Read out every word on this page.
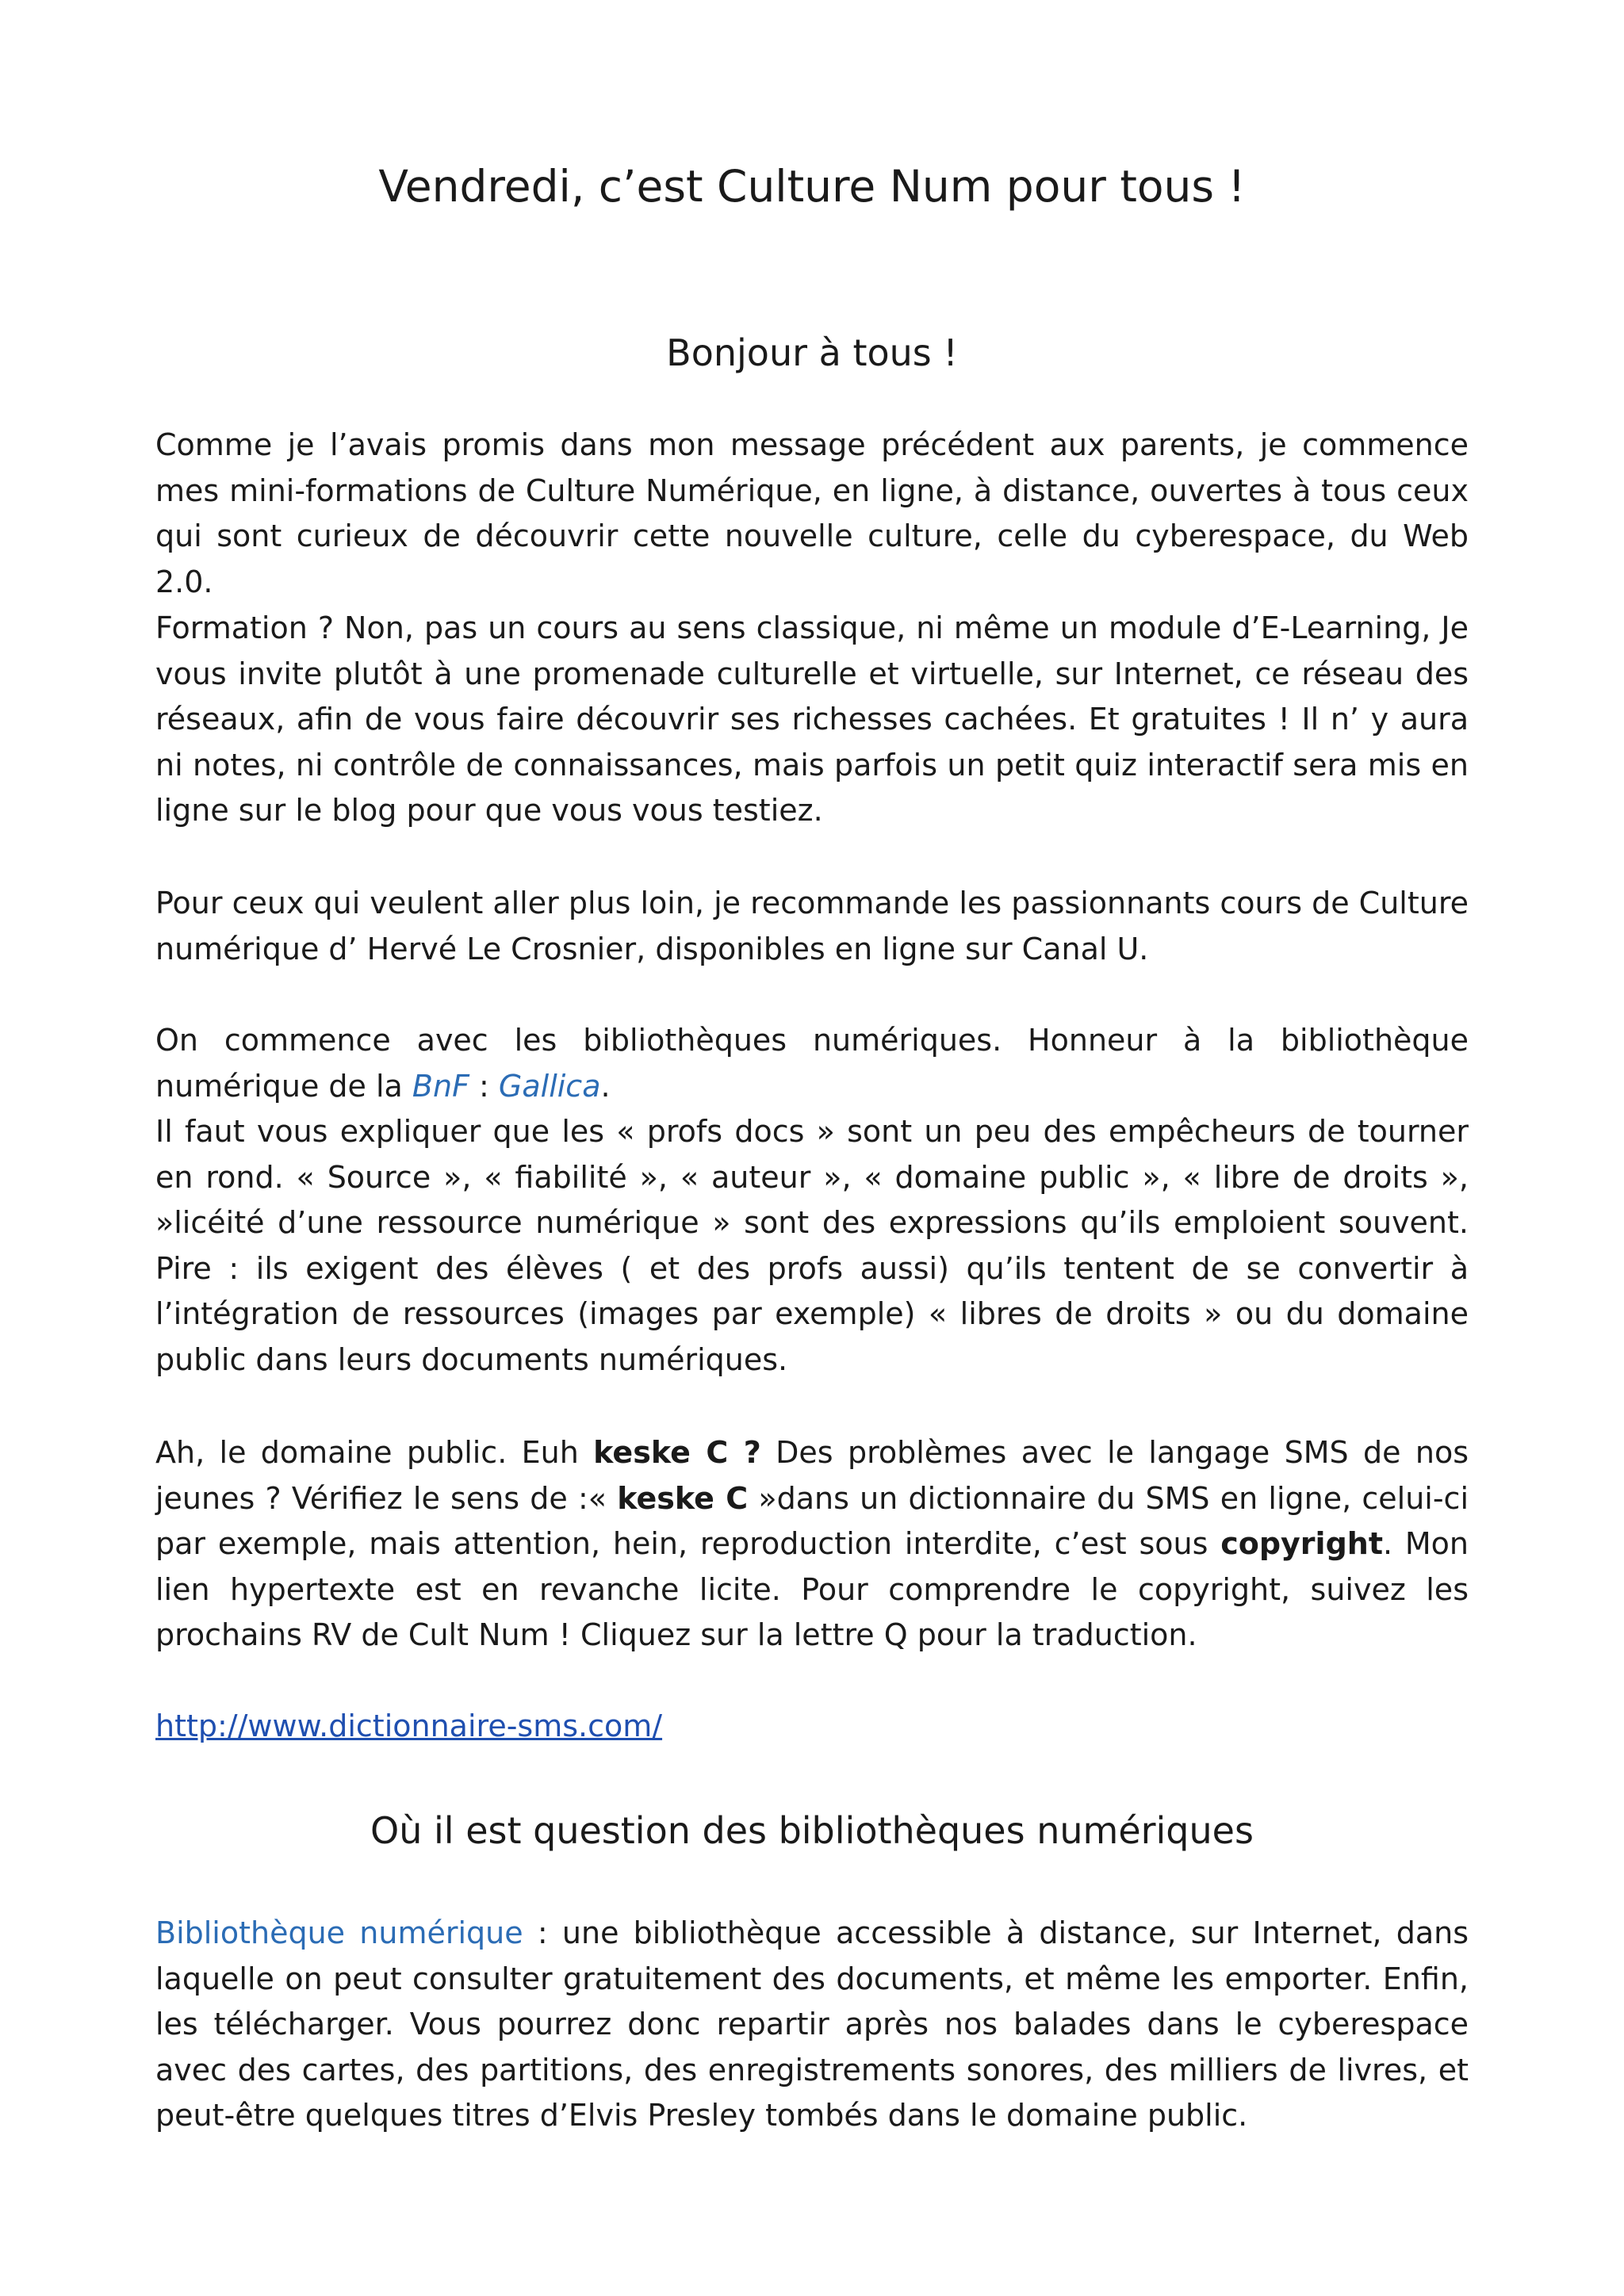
Vendredi, c’est Culture Num pour tous !
Bonjour à tous !

Comme je l’avais promis dans mon message précédent aux parents, je commence mes mini-formations de Culture Numérique, en ligne, à distance, ouvertes à tous ceux qui sont curieux de découvrir cette nouvelle culture, celle du cyberespace, du Web 2.0.

Formation ? Non, pas un cours au sens classique, ni même un module d’E-Learning, Je vous invite plutôt à une promenade culturelle et virtuelle, sur Internet, ce réseau des réseaux, afin de vous faire découvrir ses richesses cachées. Et gratuites ! Il n’ y aura ni notes, ni contrôle de connaissances, mais parfois un petit quiz interactif sera mis en ligne sur le blog pour que vous vous testiez.

Pour ceux qui veulent aller plus loin, je recommande les passionnants cours de Culture numérique d’ Hervé Le Crosnier, disponibles en ligne sur Canal U.

On commence avec les bibliothèques numériques. Honneur à la bibliothèque numérique de la BnF : Gallica.

Il faut vous expliquer que les « profs docs » sont un peu des empêcheurs de tourner en rond. « Source », « fiabilité », « auteur », « domaine public », « libre de droits », »licéité d’une ressource numérique » sont des expressions qu’ils emploient souvent. Pire : ils exigent des élèves ( et des profs aussi) qu’ils tentent de se convertir à l’intégration de ressources (images par exemple) « libres de droits » ou du domaine public dans leurs documents numériques.

Ah, le domaine public. Euh keske C ? Des problèmes avec le langage SMS de nos jeunes ? Vérifiez le sens de :« keske C »dans un dictionnaire du SMS en ligne, celui-ci par exemple, mais attention, hein, reproduction interdite, c’est sous copyright. Mon lien hypertexte est en revanche licite. Pour comprendre le copyright, suivez les prochains RV de Cult Num ! Cliquez sur la lettre Q pour la traduction.

http://www.dictionnaire-sms.com/

Où il est question des bibliothèques numériques

Bibliothèque numérique : une bibliothèque accessible à distance, sur Internet, dans laquelle on peut consulter gratuitement des documents, et même les emporter. Enfin, les télécharger. Vous pourrez donc repartir après nos balades dans le cyberespace avec des cartes, des partitions, des enregistrements sonores, des milliers de livres, et peut-être quelques titres d’Elvis Presley tombés dans le domaine public.
